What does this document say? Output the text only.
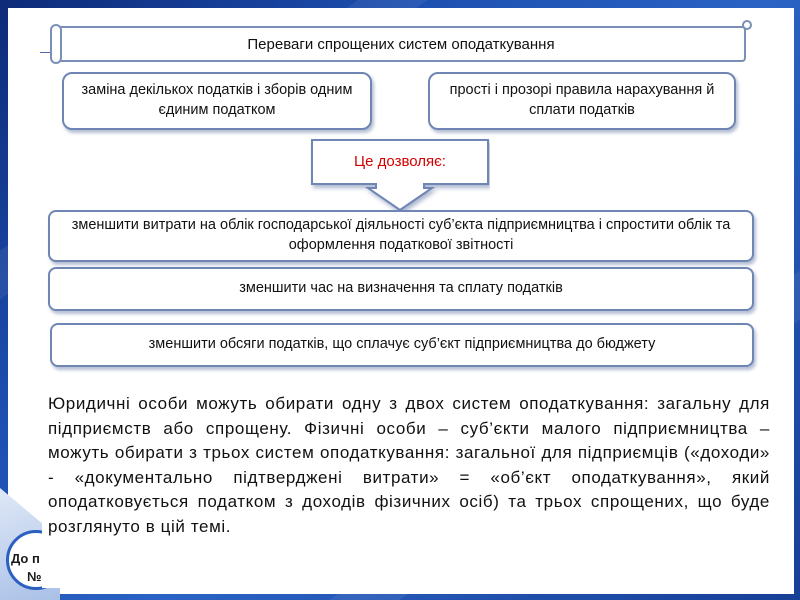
Переваги спрощених систем оподаткування
заміна декількох податків і зборів одним єдиним податком
прості і прозорі правила нарахування й сплати податків
Це дозволяє:
зменшити витрати на облік господарської діяльності суб’єкта підприємництва і спростити облік та оформлення податкової звітності
зменшити час на визначення та сплату податків
зменшити обсяги податків, що сплачує суб’єкт підприємництва до бюджету
До п
№
Юридичні особи можуть обирати одну з двох систем оподаткування: загальну для підприємств або спрощену. Фізичні особи – суб’єкти малого підприємництва – можуть обирати з трьох систем оподаткування: загальної для підприємців («доходи» - «документально підтверджені витрати» = «об’єкт оподаткування», який оподатковується податком з доходів фізичних осіб) та трьох спрощених, що буде розглянуто в цій темі.
